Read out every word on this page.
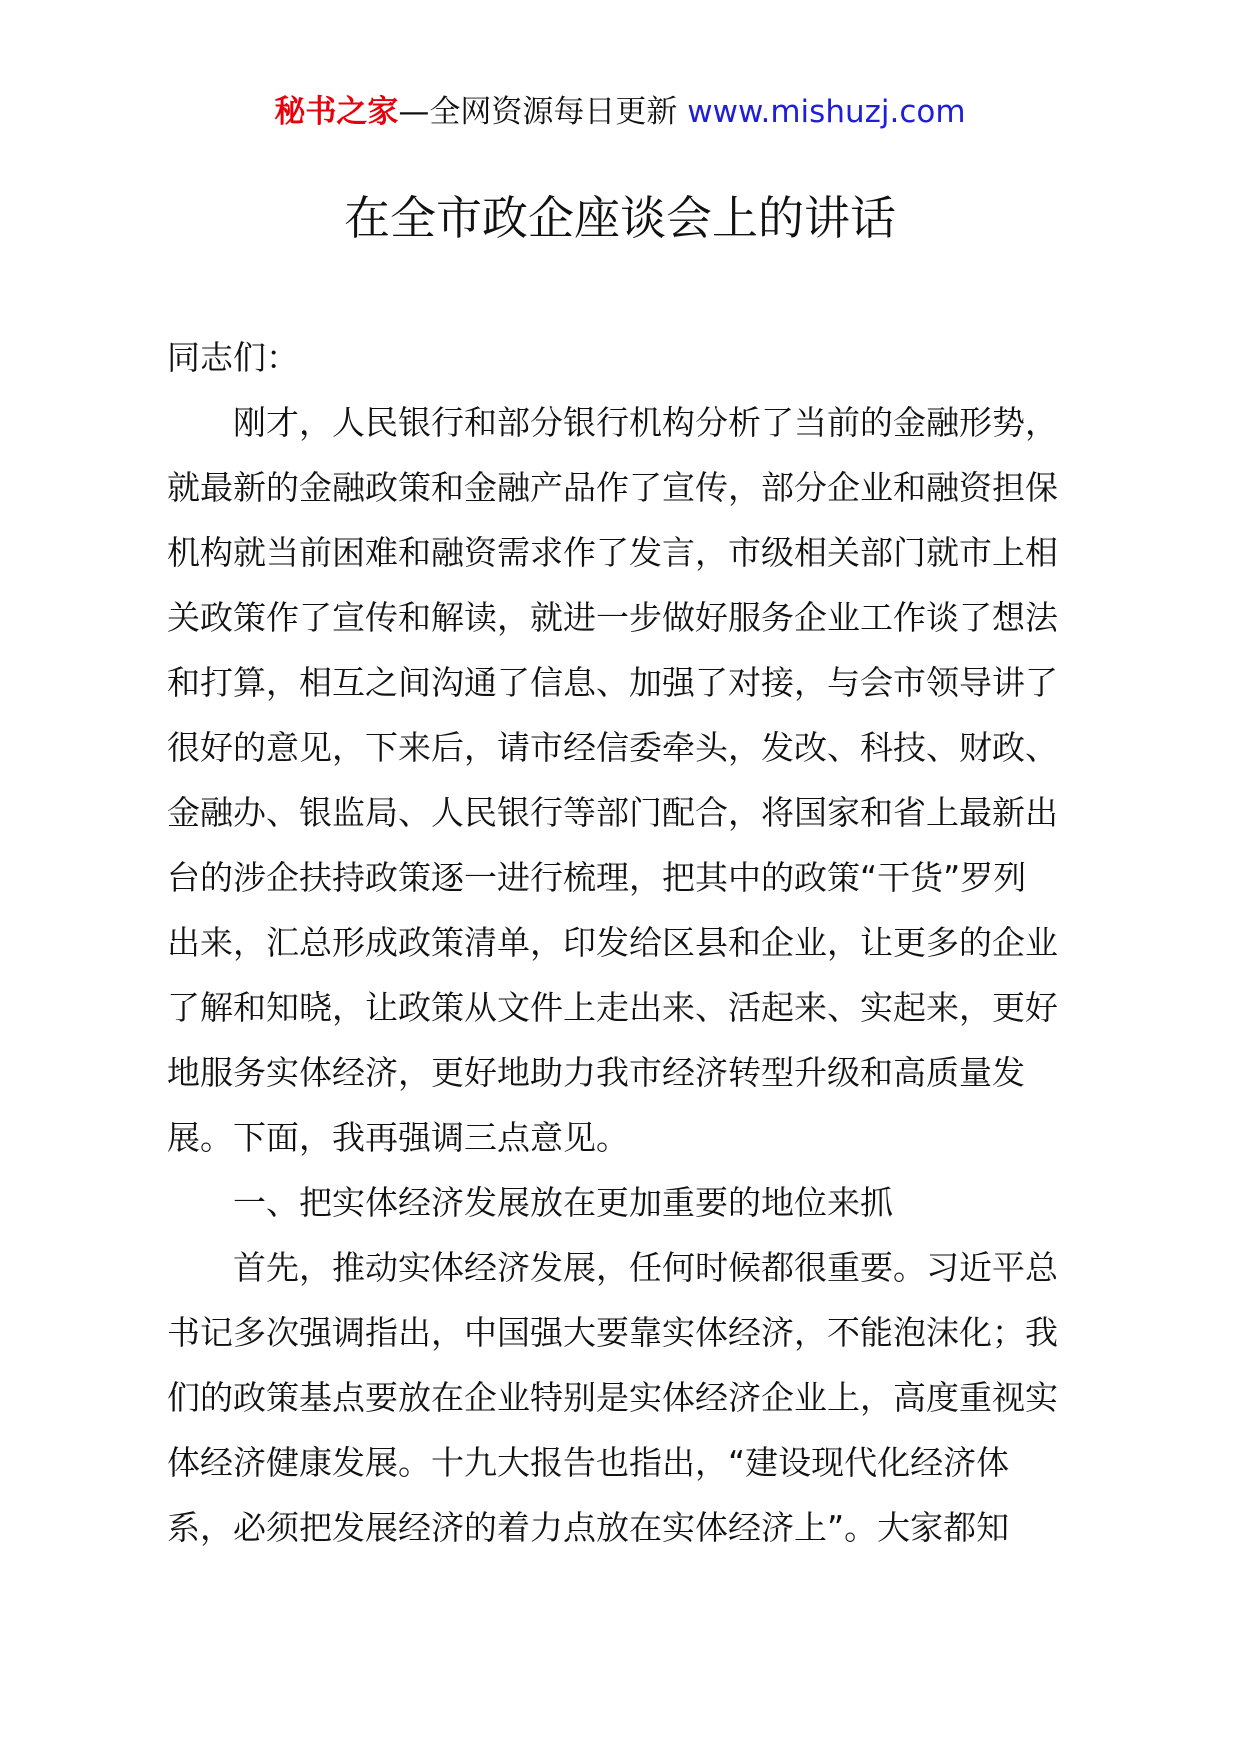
秘书之家—全网资源每日更新 www.mishuzj.com
在全市政企座谈会上的讲话
同志们：
刚才，人民银行和部分银行机构分析了当前的金融形势，
就最新的金融政策和金融产品作了宣传，部分企业和融资担保
机构就当前困难和融资需求作了发言，市级相关部门就市上相
关政策作了宣传和解读，就进一步做好服务企业工作谈了想法
和打算，相互之间沟通了信息、加强了对接，与会市领导讲了
很好的意见，下来后，请市经信委牵头，发改、科技、财政、
金融办、银监局、人民银行等部门配合，将国家和省上最新出
台的涉企扶持政策逐一进行梳理，把其中的政策“干货”罗列
出来，汇总形成政策清单，印发给区县和企业，让更多的企业
了解和知晓，让政策从文件上走出来、活起来、实起来，更好
地服务实体经济，更好地助力我市经济转型升级和高质量发
展。下面，我再强调三点意见。
一、把实体经济发展放在更加重要的地位来抓
首先，推动实体经济发展，任何时候都很重要。习近平总
书记多次强调指出，中国强大要靠实体经济，不能泡沫化；我
们的政策基点要放在企业特别是实体经济企业上，高度重视实
体经济健康发展。十九大报告也指出，“建设现代化经济体
系，必须把发展经济的着力点放在实体经济上”。大家都知
